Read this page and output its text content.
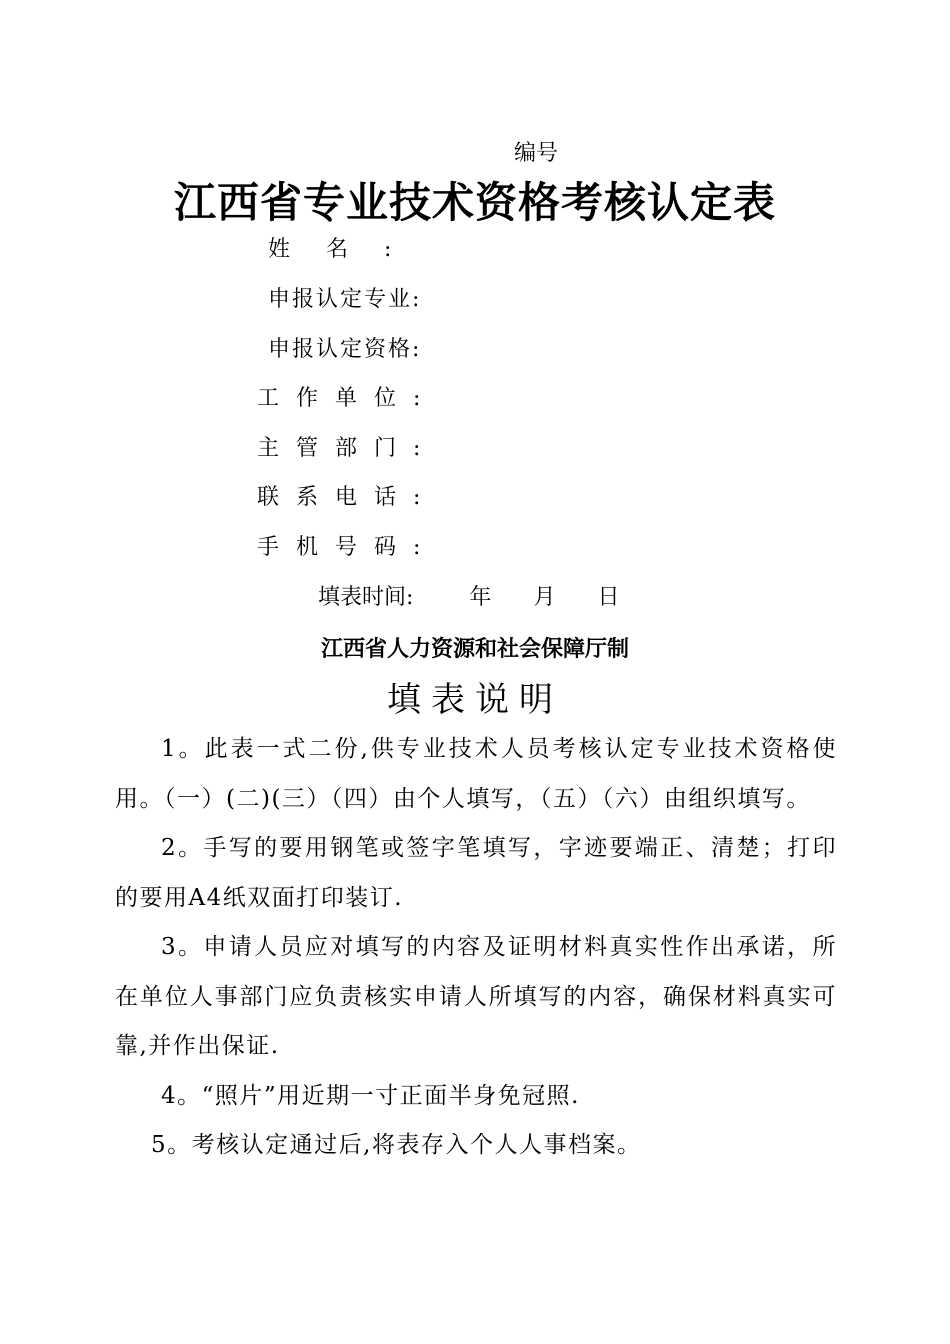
编号
江西省专业技术资格考核认定表
姓名:
申报认定专业:
申报认定资格:
工作单位:
主管部门:
联系电话:
手机号码:
填表时间:	年 月 日
江西省人力资源和社会保障厅制
填表说明

1。此表一式二份,供专业技术人员考核认定专业技术资格使用。（一）(二)(三）（四）由个人填写，（五）（六）由组织填写。

2。手写的要用钢笔或签字笔填写，字迹要端正、清楚；打印的要用A4纸双面打印装订.

3。申请人员应对填写的内容及证明材料真实性作出承诺，所在单位人事部门应负责核实申请人所填写的内容，确保材料真实可靠,并作出保证.

4。“照片”用近期一寸正面半身免冠照.

5。考核认定通过后,将表存入个人人事档案。
